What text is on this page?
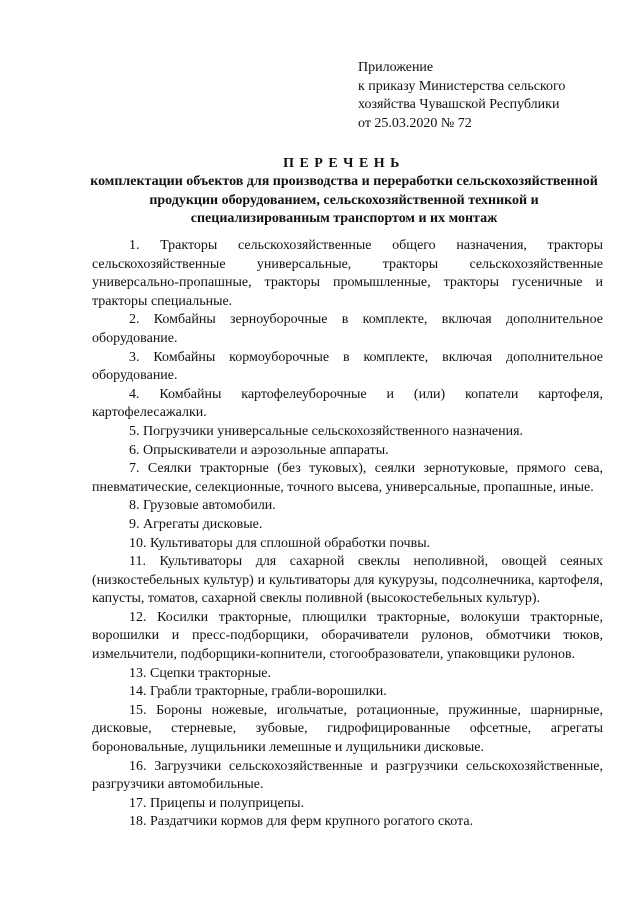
Приложение
к приказу Министерства сельского
хозяйства Чувашской Республики
от 25.03.2020 № 72
ПЕРЕЧЕНЬ
комплектации объектов для производства и переработки сельскохозяйственной продукции оборудованием, сельскохозяйственной техникой и специализированным транспортом и их монтаж

1. Тракторы сельскохозяйственные общего назначения, тракторы сельскохозяйственные универсальные, тракторы сельскохозяйственные универсально-пропашные, тракторы промышленные, тракторы гусеничные и тракторы специальные.

2. Комбайны зерноуборочные в комплекте, включая дополнительное оборудование.

3. Комбайны кормоуборочные в комплекте, включая дополнительное оборудование.

4. Комбайны картофелеуборочные и (или) копатели картофеля, картофелесажалки.

5. Погрузчики универсальные сельскохозяйственного назначения.

6. Опрыскиватели и аэрозольные аппараты.

7. Сеялки тракторные (без туковых), сеялки зернотуковые, прямого сева, пневматические, селекционные, точного высева, универсальные, пропашные, иные.

8. Грузовые автомобили.

9. Агрегаты дисковые.

10. Культиваторы для сплошной обработки почвы.

11. Культиваторы для сахарной свеклы неполивной, овощей сеяных (низкостебельных культур) и культиваторы для кукурузы, подсолнечника, картофеля, капусты, томатов, сахарной свеклы поливной (высокостебельных культур).

12. Косилки тракторные, плющилки тракторные, волокуши тракторные, ворошилки и пресс-подборщики, оборачиватели рулонов, обмотчики тюков, измельчители, подборщики-копнители, стогообразователи, упаковщики рулонов.

13. Сцепки тракторные.

14. Грабли тракторные, грабли-ворошилки.

15. Бороны ножевые, игольчатые, ротационные, пружинные, шарнирные, дисковые, стерневые, зубовые, гидрофицированные офсетные, агрегаты бороновальные, лущильники лемешные и лущильники дисковые.

16. Загрузчики сельскохозяйственные и разгрузчики сельскохозяйственные, разгрузчики автомобильные.

17. Прицепы и полуприцепы.

18. Раздатчики кормов для ферм крупного рогатого скота.
